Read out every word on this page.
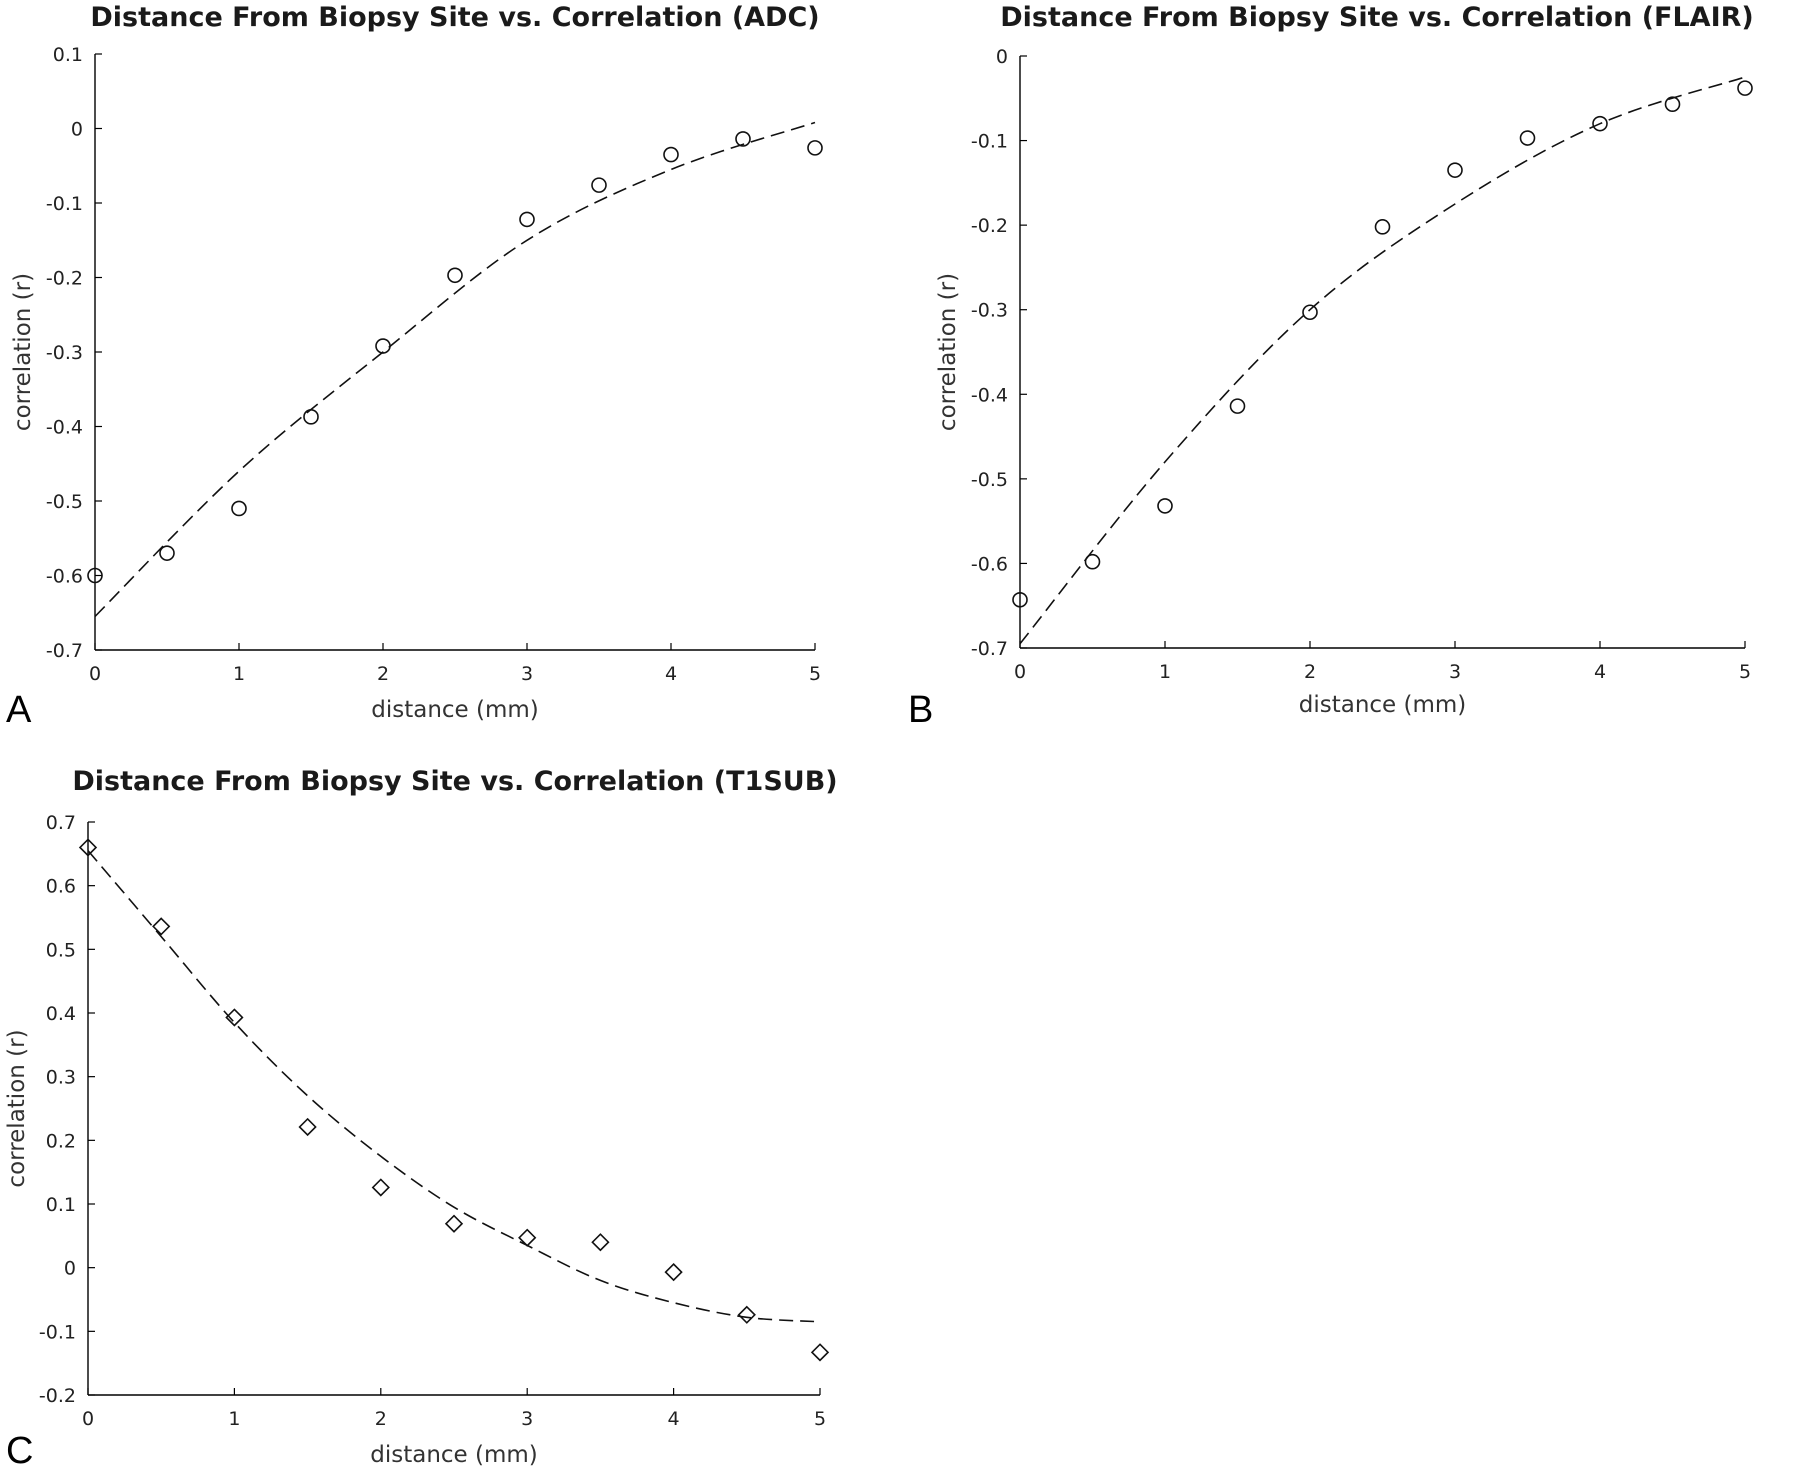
Distance From Biopsy Site vs. Correlation (ADC)
0	1	2	3	4	5
0.1
0
-0.1
-0.2
-0.3
-0.4
-0.5
-0.6
-0.7
distance (mm)
correlation (r)
A
Distance From Biopsy Site vs. Correlation (FLAIR)
0	1	2	3	4	5
0
-0.1
-0.2
-0.3
-0.4
-0.5
-0.6
-0.7
distance (mm)
correlation (r)
B
Distance From Biopsy Site vs. Correlation (T1SUB)
0	1	2	3	4	5
0.7
0.6
0.5
0.4
0.3
0.2
0.1
0
-0.1
-0.2
distance (mm)
correlation (r)
C
